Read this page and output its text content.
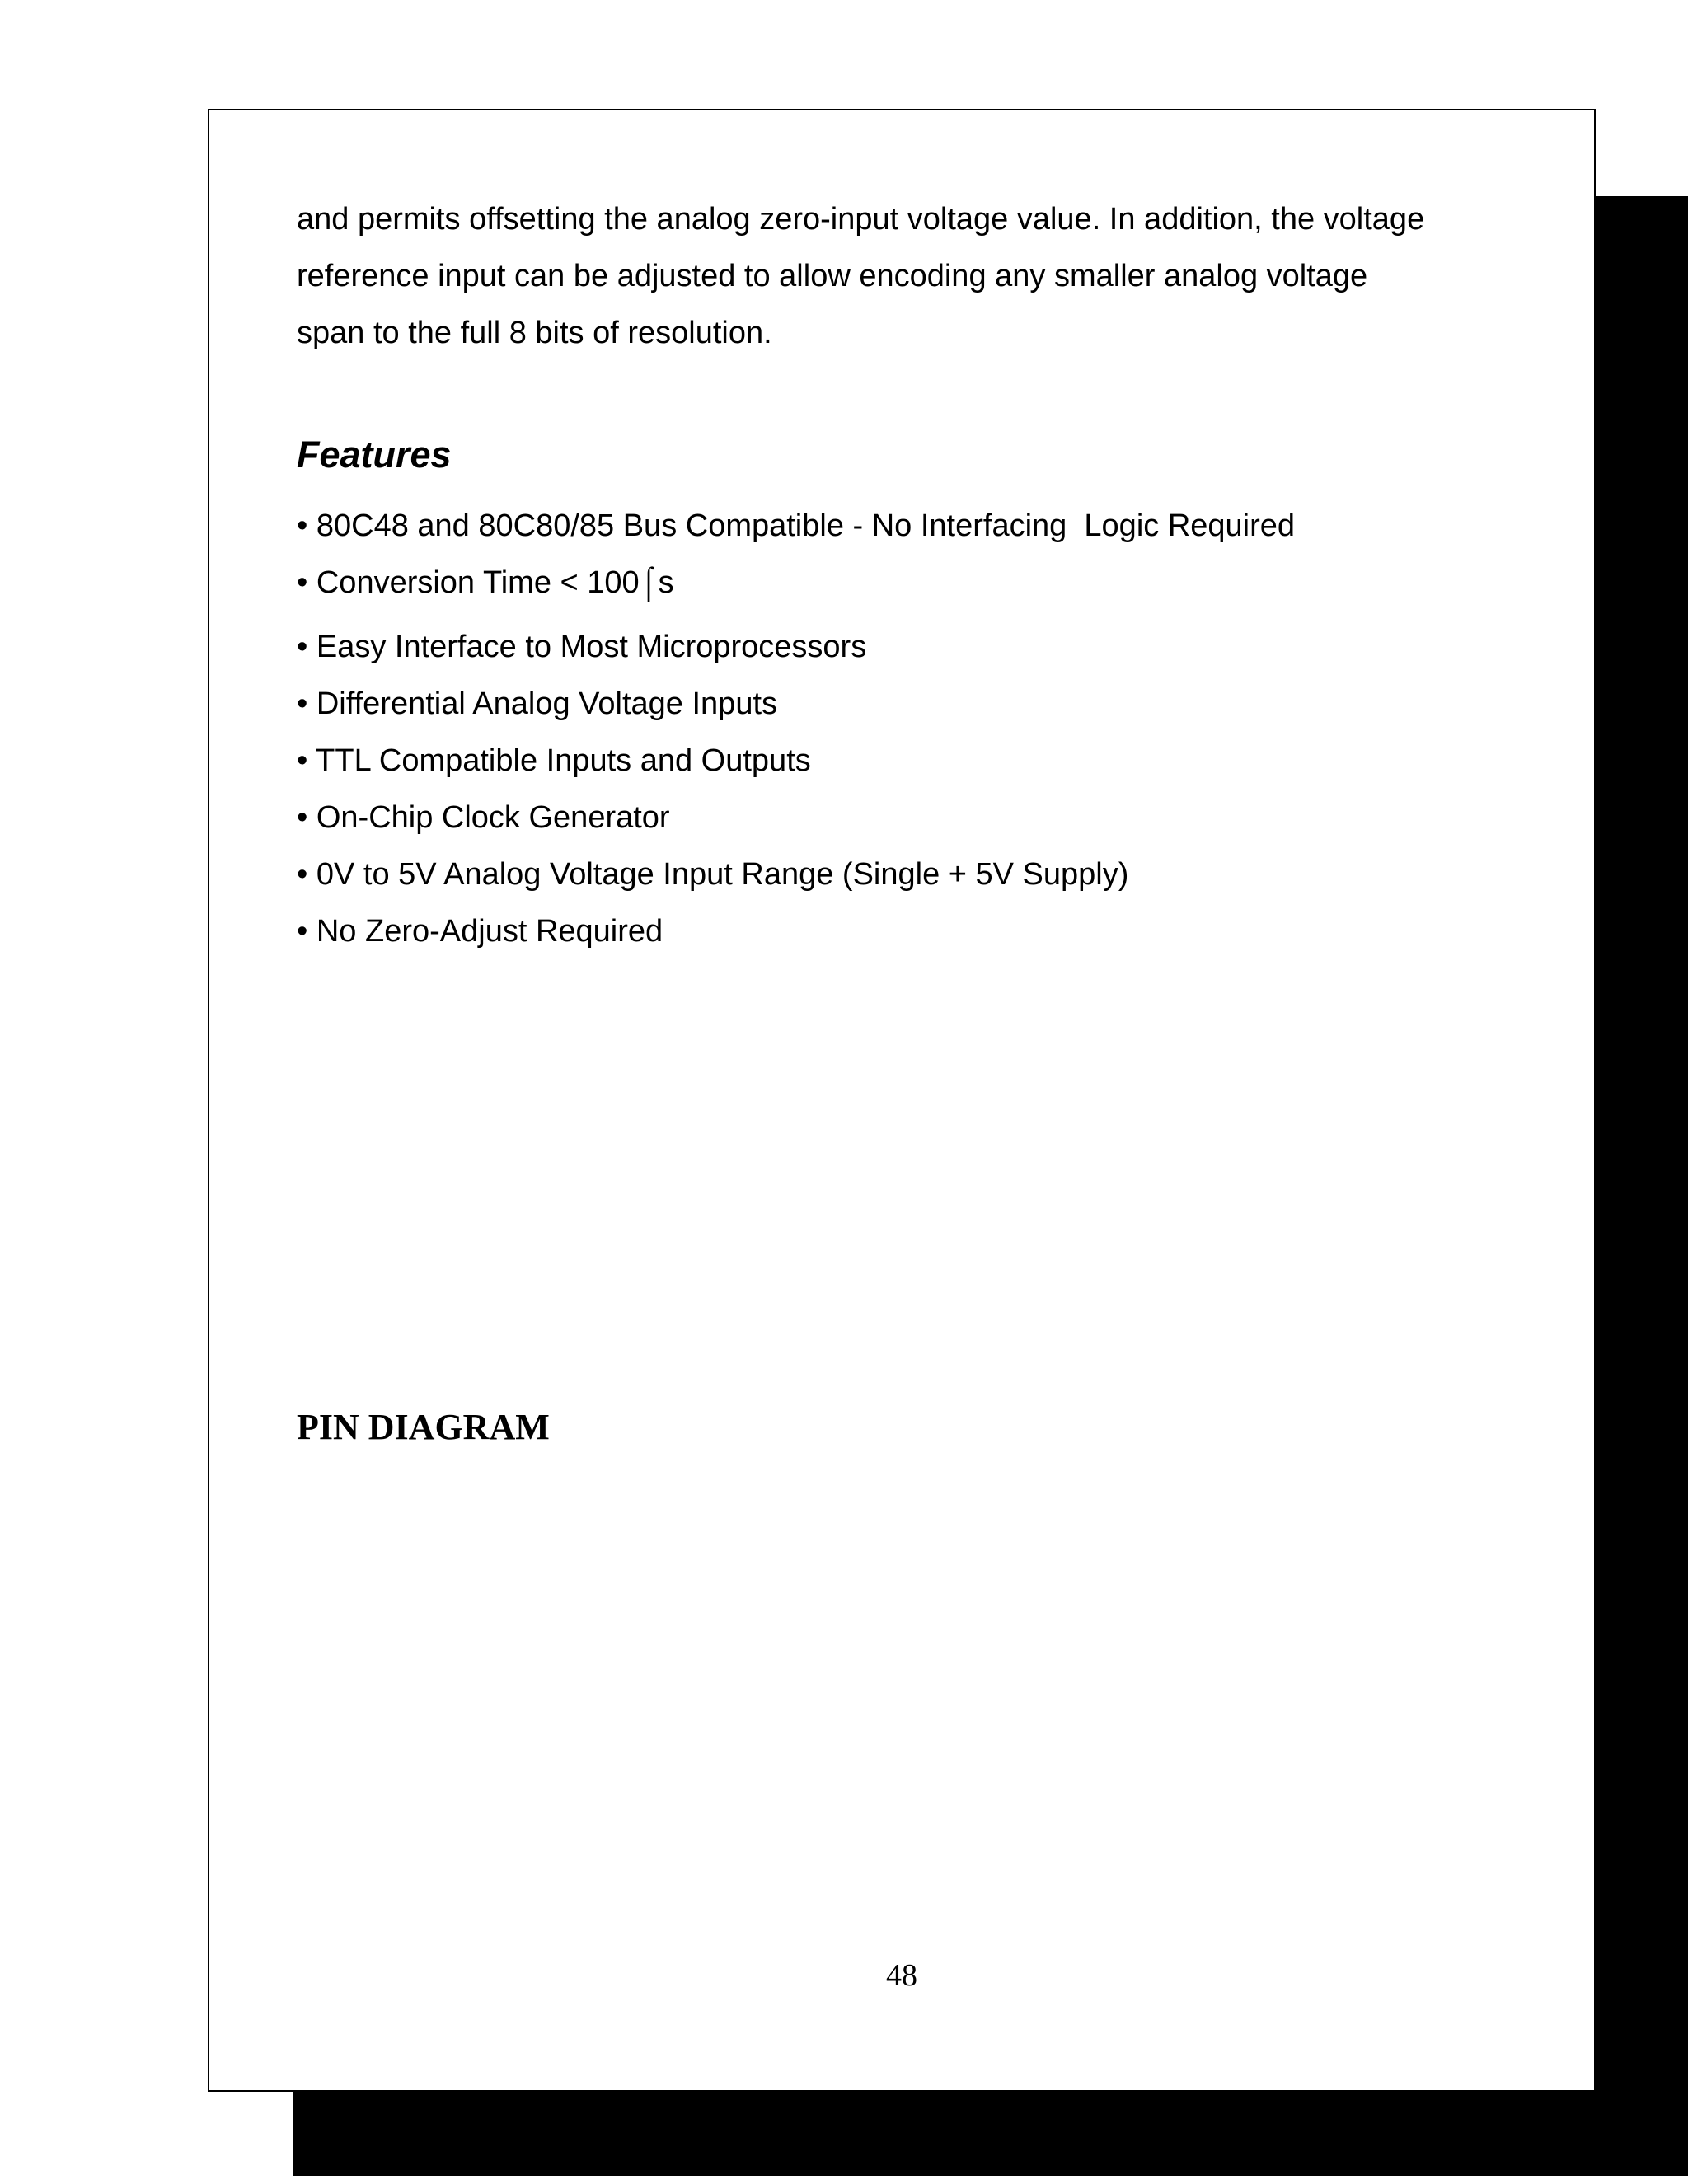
and permits offsetting the analog zero-input voltage value. In addition, the voltage
reference input can be adjusted to allow encoding any smaller analog voltage
span to the full 8 bits of resolution.

Features
• 80C48 and 80C80/85 Bus Compatible - No Interfacing  Logic Required
• Conversion Time < 100⌠s
• Easy Interface to Most Microprocessors
• Differential Analog Voltage Inputs
• TTL Compatible Inputs and Outputs
• On-Chip Clock Generator
• 0V to 5V Analog Voltage Input Range (Single + 5V Supply)
• No Zero-Adjust Required
PIN DIAGRAM

48
